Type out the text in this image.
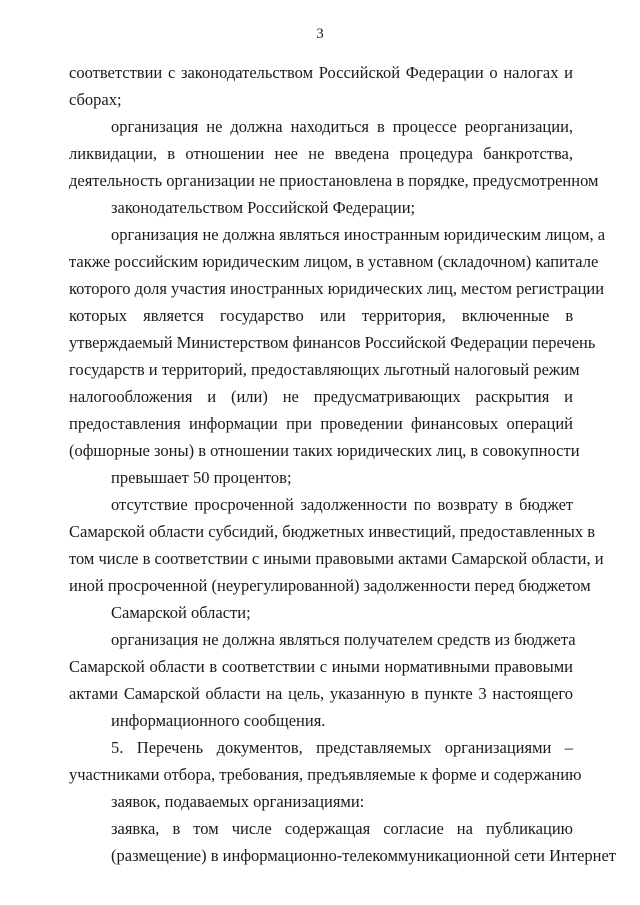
3
соответствии с законодательством Российской Федерации о налогах и
сборах;
организация не должна находиться в процессе реорганизации,
ликвидации, в отношении нее не введена процедура банкротства,
деятельность организации не приостановлена в порядке, предусмотренном
законодательством Российской Федерации;
организация не должна являться иностранным юридическим лицом, а
также российским юридическим лицом, в уставном (складочном) капитале
которого доля участия иностранных юридических лиц, местом регистрации
которых является государство или территория, включенные в
утверждаемый Министерством финансов Российской Федерации перечень
государств и территорий, предоставляющих льготный налоговый режим
налогообложения и (или) не предусматривающих раскрытия и
предоставления информации при проведении финансовых операций
(офшорные зоны) в отношении таких юридических лиц, в совокупности
превышает 50 процентов;
отсутствие просроченной задолженности по возврату в бюджет
Самарской области субсидий, бюджетных инвестиций, предоставленных в
том числе в соответствии с иными правовыми актами Самарской области, и
иной просроченной (неурегулированной) задолженности перед бюджетом
Самарской области;
организация не должна являться получателем средств из бюджета
Самарской области в соответствии с иными нормативными правовыми
актами Самарской области на цель, указанную в пункте 3 настоящего
информационного сообщения.
5. Перечень документов, представляемых организациями –
участниками отбора, требования, предъявляемые к форме и содержанию
заявок, подаваемых организациями:
заявка, в том числе содержащая согласие на публикацию
(размещение) в информационно-телекоммуникационной сети Интернет
